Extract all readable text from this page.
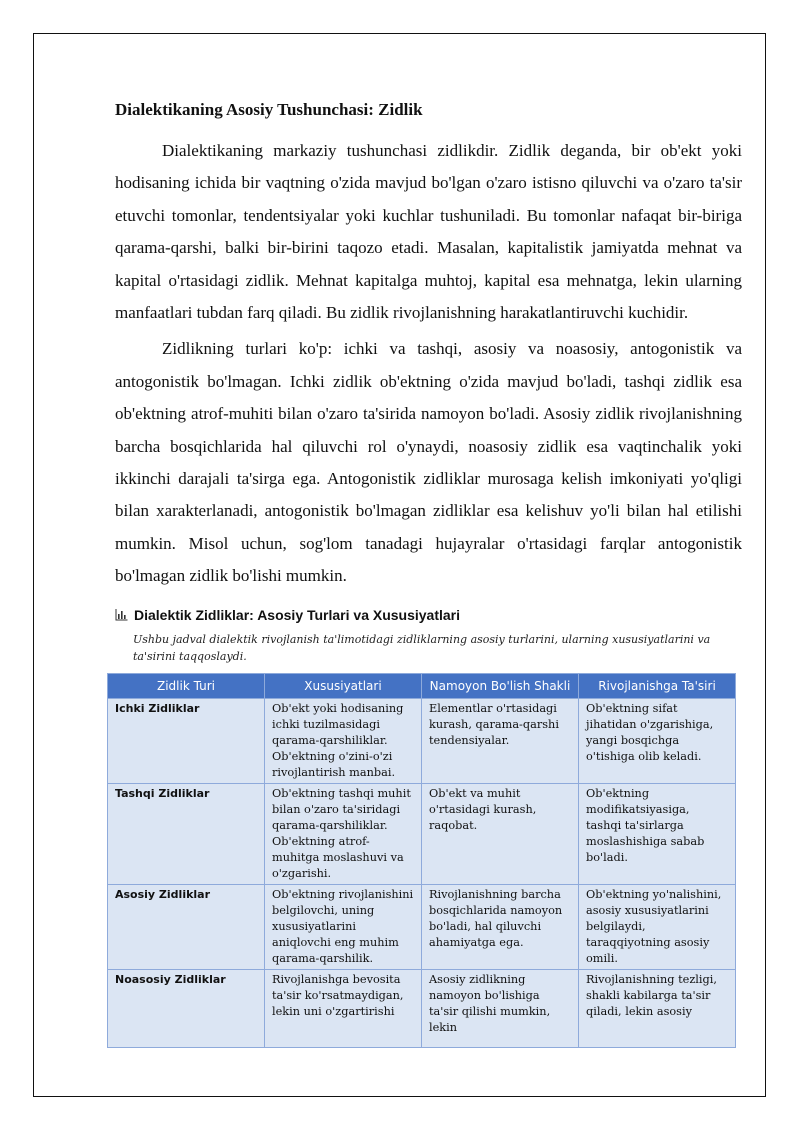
Dialektikaning Asosiy Tushunchasi: Zidlik

Dialektikaning markaziy tushunchasi zidlikdir. Zidlik deganda, bir ob'ekt yoki hodisaning ichida bir vaqtning o'zida mavjud bo'lgan o'zaro istisno qiluvchi va o'zaro ta'sir etuvchi tomonlar, tendentsiyalar yoki kuchlar tushuniladi. Bu tomonlar nafaqat bir-biriga qarama-qarshi, balki bir-birini taqozo etadi. Masalan, kapitalistik jamiyatda mehnat va kapital o'rtasidagi zidlik. Mehnat kapitalga muhtoj, kapital esa mehnatga, lekin ularning manfaatlari tubdan farq qiladi. Bu zidlik rivojlanishning harakatlantiruvchi kuchidir.

Zidlikning turlari ko'p: ichki va tashqi, asosiy va noasosiy, antogonistik va antogonistik bo'lmagan. Ichki zidlik ob'ektning o'zida mavjud bo'ladi, tashqi zidlik esa ob'ektning atrof-muhiti bilan o'zaro ta'sirida namoyon bo'ladi. Asosiy zidlik rivojlanishning barcha bosqichlarida hal qiluvchi rol o'ynaydi, noasosiy zidlik esa vaqtinchalik yoki ikkinchi darajali ta'sirga ega. Antogonistik zidliklar murosaga kelish imkoniyati yo'qligi bilan xarakterlanadi, antogonistik bo'lmagan zidliklar esa kelishuv yo'li bilan hal etilishi mumkin. Misol uchun, sog'lom tanadagi hujayralar o'rtasidagi farqlar antogonistik bo'lmagan zidlik bo'lishi mumkin.

Dialektik Zidliklar: Asosiy Turlari va Xususiyatlari
Ushbu jadval dialektik rivojlanish ta'limotidagi zidliklarning asosiy turlarini, ularning xususiyatlarini va ta'sirini taqqoslaydi.
Zidlik Turi	Xususiyatlari	Namoyon Bo'lish Shakli	Rivojlanishga Ta'siri
Ichki Zidliklar	Ob'ekt yoki hodisaning ichki tuzilmasidagi qarama-qarshiliklar. Ob'ektning o'zini-o'zi rivojlantirish manbai.	Elementlar o'rtasidagi kurash, qarama-qarshi tendensiyalar.	Ob'ektning sifat jihatidan o'zgarishiga, yangi bosqichga o'tishiga olib keladi.
Tashqi Zidliklar	Ob'ektning tashqi muhit bilan o'zaro ta'siridagi qarama-qarshiliklar. Ob'ektning atrof-muhitga moslashuvi va o'zgarishi.	Ob'ekt va muhit o'rtasidagi kurash, raqobat.	Ob'ektning modifikatsiyasiga, tashqi ta'sirlarga moslashishiga sabab bo'ladi.
Asosiy Zidliklar	Ob'ektning rivojlanishini belgilovchi, uning xususiyatlarini aniqlovchi eng muhim qarama-qarshilik.	Rivojlanishning barcha bosqichlarida namoyon bo'ladi, hal qiluvchi ahamiyatga ega.	Ob'ektning yo'nalishini, asosiy xususiyatlarini belgilaydi, taraqqiyotning asosiy omili.
Noasosiy Zidliklar	Rivojlanishga bevosita ta'sir ko'rsatmaydigan, lekin uni o'zgartirishi	Asosiy zidlikning namoyon bo'lishiga ta'sir qilishi mumkin, lekin	Rivojlanishning tezligi, shakli kabilarga ta'sir qiladi, lekin asosiy
